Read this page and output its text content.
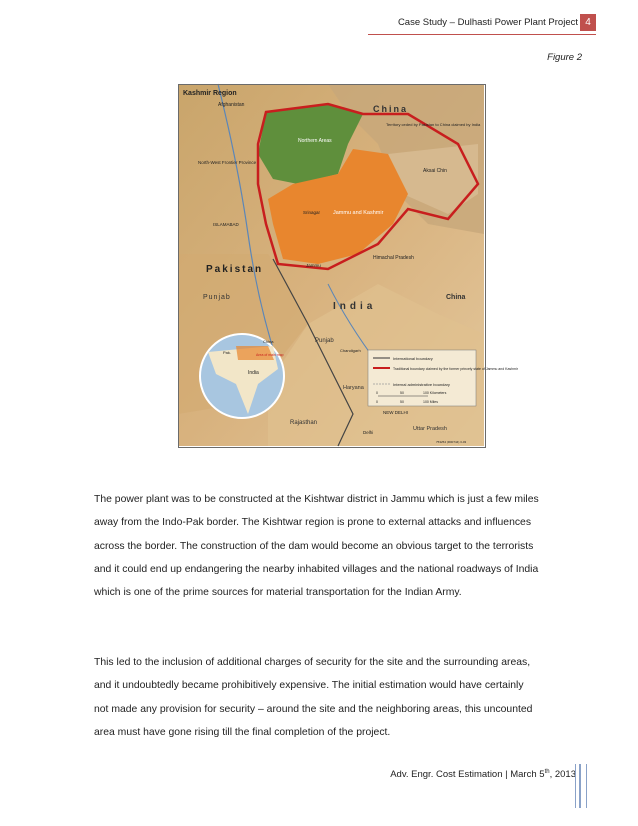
Case Study – Dulhasti Power Plant Project 4
Figure 2
Kashmir Region
Afghanistan	China
Northern Areas
North-West Frontier Province
ISLAMABAD
Pakistan
Punjab
Jammu and Kashmir
Srinagar
Jammu
Aksai Chin
Territory ceded by Pakistan to China claimed by India
Himachal Pradesh
India
China
Punjab
Chandigarh
Haryana
NEW DELHI
Delhi
Rajasthan
Uttar Pradesh
Pak.
China
India
Area of main map
International boundary
Traditional boundary claimed by the former princely state of Jammu and Kashmir
Internal administrative boundary
0	50	100 Kilometers
0	50	100 Miles
753254 (R00744) 3-03
The power plant was to be constructed at the Kishtwar district in Jammu which is just a few miles
away from the Indo-Pak border. The Kishtwar region is prone to external attacks and influences
across the border. The construction of the dam would become an obvious target to the terrorists
and it could end up endangering the nearby inhabited villages and the national roadways of India
which is one of the prime sources for material transportation for the Indian Army.
This led to the inclusion of additional charges of security for the site and the surrounding areas,
and it undoubtedly became prohibitively expensive. The initial estimation would have certainly
not made any provision for security – around the site and the neighboring areas, this uncounted
area must have gone rising till the final completion of the project.
Adv. Engr. Cost Estimation | March 5th, 2013
